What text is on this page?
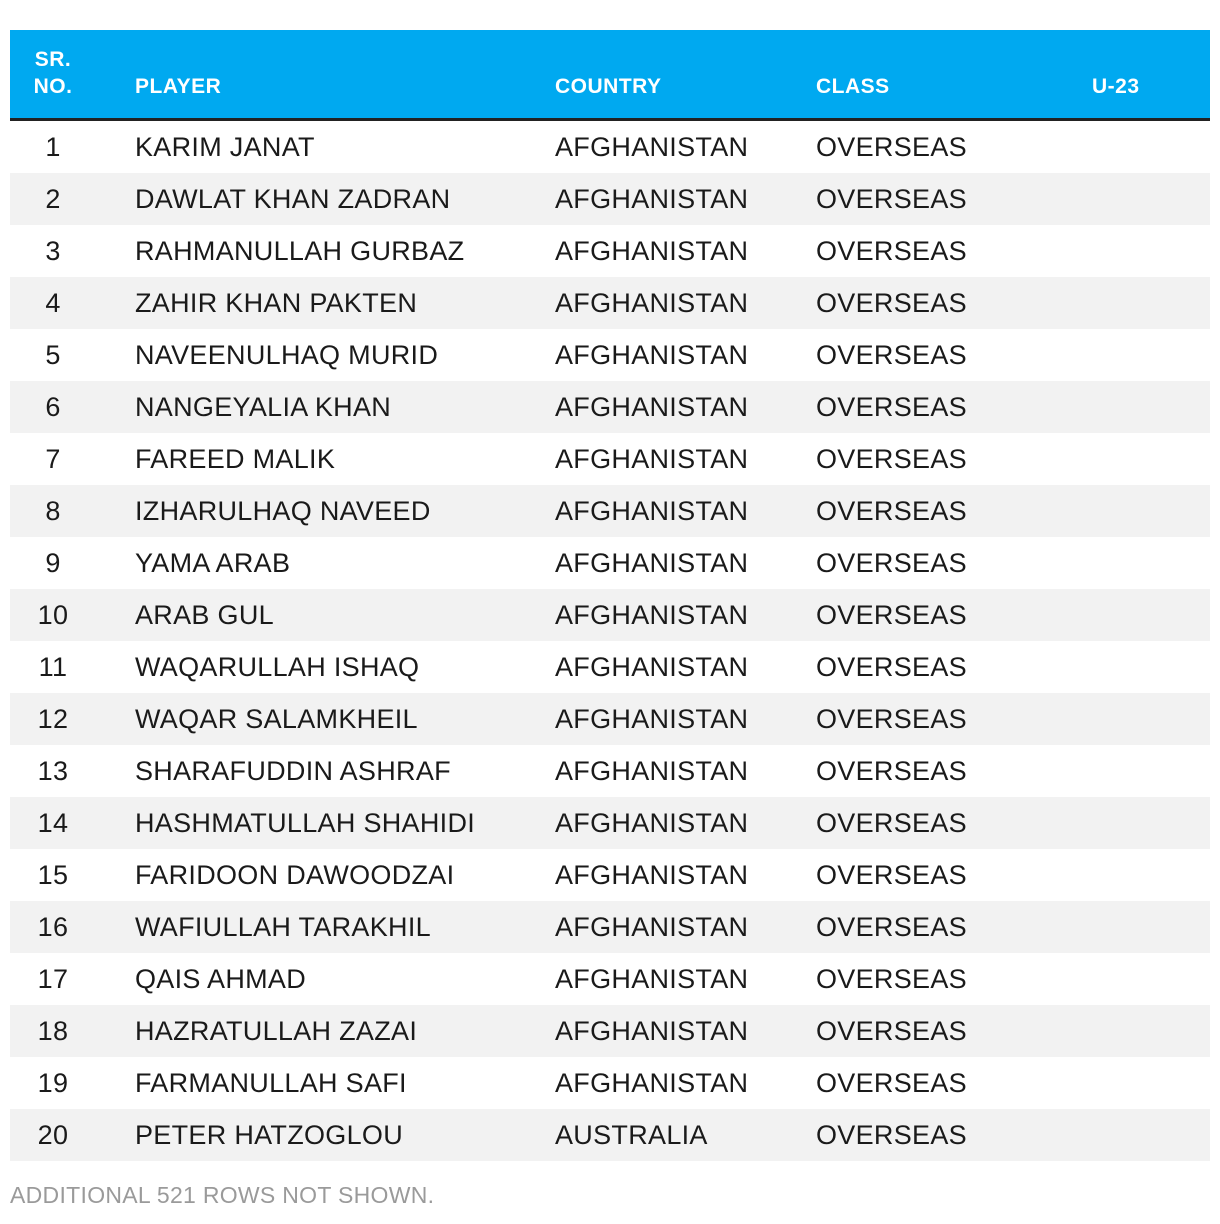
SR.
NO.	PLAYER	COUNTRY	CLASS	U-23
1	KARIM JANAT	AFGHANISTAN	OVERSEAS
2	DAWLAT KHAN ZADRAN	AFGHANISTAN	OVERSEAS
3	RAHMANULLAH GURBAZ	AFGHANISTAN	OVERSEAS
4	ZAHIR KHAN PAKTEN	AFGHANISTAN	OVERSEAS
5	NAVEENULHAQ MURID	AFGHANISTAN	OVERSEAS
6	NANGEYALIA KHAN	AFGHANISTAN	OVERSEAS
7	FAREED MALIK	AFGHANISTAN	OVERSEAS
8	IZHARULHAQ NAVEED	AFGHANISTAN	OVERSEAS
9	YAMA ARAB	AFGHANISTAN	OVERSEAS
10	ARAB GUL	AFGHANISTAN	OVERSEAS
11	WAQARULLAH ISHAQ	AFGHANISTAN	OVERSEAS
12	WAQAR SALAMKHEIL	AFGHANISTAN	OVERSEAS
13	SHARAFUDDIN ASHRAF	AFGHANISTAN	OVERSEAS
14	HASHMATULLAH SHAHIDI	AFGHANISTAN	OVERSEAS
15	FARIDOON DAWOODZAI	AFGHANISTAN	OVERSEAS
16	WAFIULLAH TARAKHIL	AFGHANISTAN	OVERSEAS
17	QAIS AHMAD	AFGHANISTAN	OVERSEAS
18	HAZRATULLAH ZAZAI	AFGHANISTAN	OVERSEAS
19	FARMANULLAH SAFI	AFGHANISTAN	OVERSEAS
20	PETER HATZOGLOU	AUSTRALIA	OVERSEAS
ADDITIONAL 521 ROWS NOT SHOWN.
